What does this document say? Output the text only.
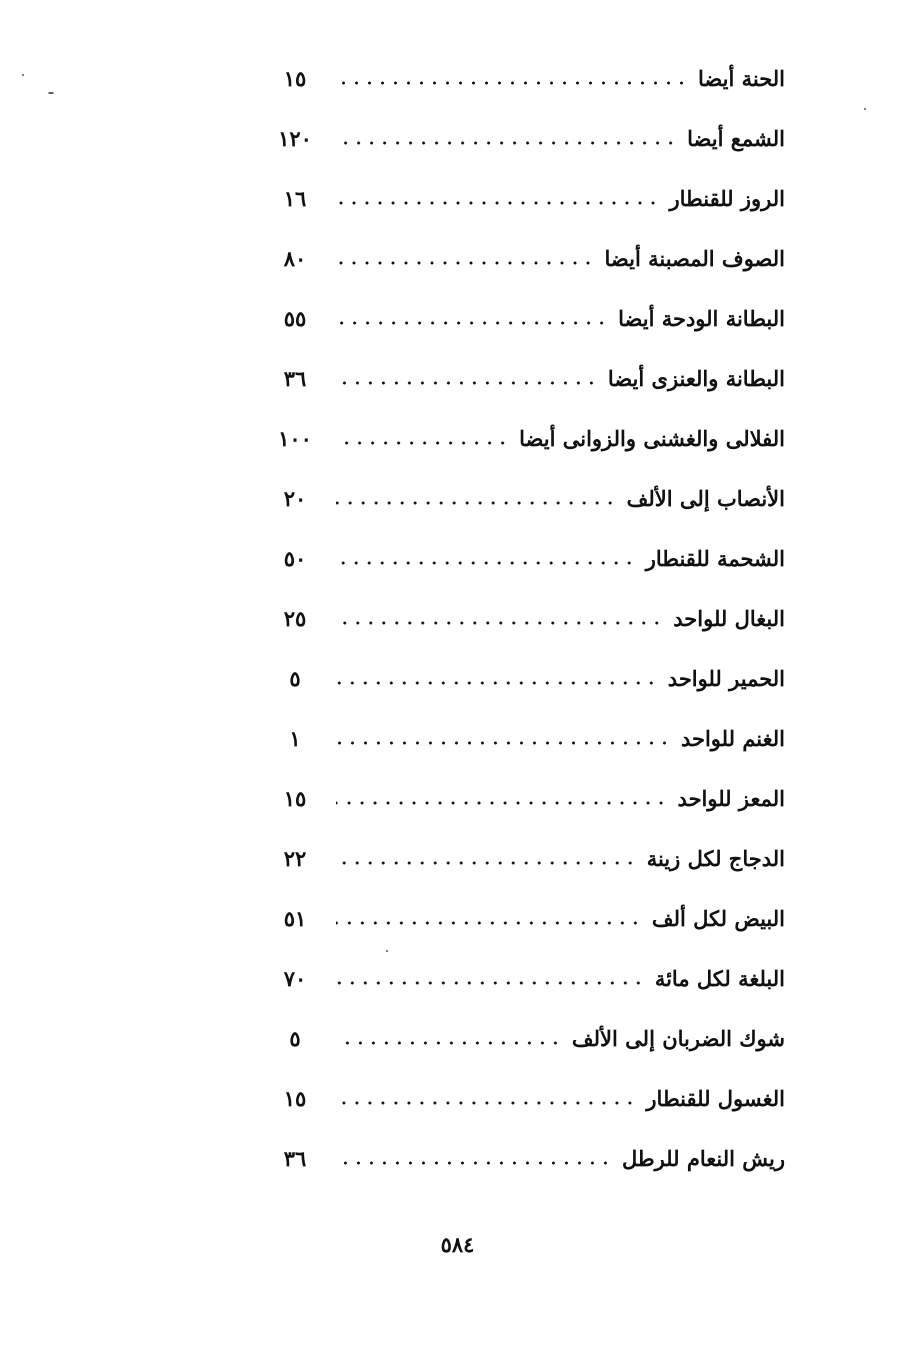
الحنة أيضا
١٥
الشمع أيضا
١٢٠
الروز للقنطار
١٦
الصوف المصبنة أيضا
٨٠
البطانة الودحة أيضا
٥٥
البطانة والعنزى أيضا
٣٦
الفلالى والغشنى والزوانى أيضا
١٠٠
الأنصاب إلى الألف
٢٠
الشحمة للقنطار
٥٠
البغال للواحد
٢٥
الحمير للواحد
٥
الغنم للواحد
١
المعز للواحد
١٥
الدجاج لكل زينة
٢٢
البيض لكل ألف
٥١
البلغة لكل مائة
٧٠
شوك الضربان إلى الألف
٥
الغسول للقنطار
١٥
ريش النعام للرطل
٣٦
٥٨٤
